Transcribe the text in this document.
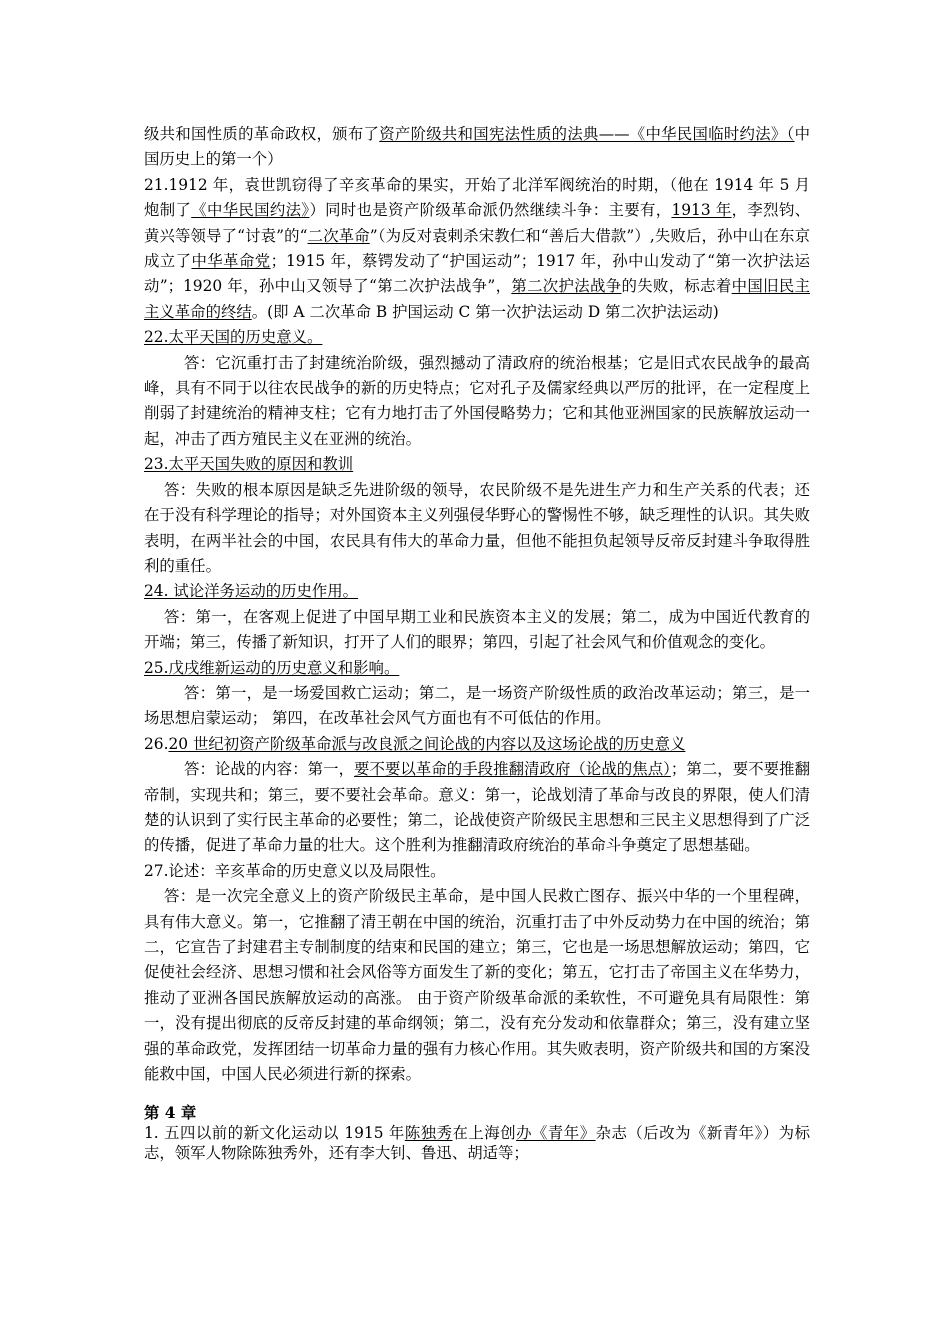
级共和国性质的革命政权，颁布了资产阶级共和国宪法性质的法典——《中华民国临时约法》（中国历史上的第一个）

21.1912 年，袁世凯窃得了辛亥革命的果实，开始了北洋军阀统治的时期，（他在 1914 年 5 月炮制了《中华民国约法》）同时也是资产阶级革命派仍然继续斗争：主要有，1913 年，李烈钧、黄兴等领导了“讨袁”的“二次革命”（为反对袁剌杀宋教仁和“善后大借款”）,失败后，孙中山在东京成立了中华革命党；1915 年，蔡锷发动了“护国运动”；1917 年，孙中山发动了“第一次护法运动”；1920 年，孙中山又领导了“第二次护法战争”，第二次护法战争的失败，标志着中国旧民主主义革命的终结。(即 A 二次革命 B 护国运动 C 第一次护法运动 D 第二次护法运动)

22.太平天国的历史意义。

答：它沉重打击了封建统治阶级，强烈撼动了清政府的统治根基；它是旧式农民战争的最高峰，具有不同于以往农民战争的新的历史特点；它对孔子及儒家经典以严厉的批评，在一定程度上削弱了封建统治的精神支柱；它有力地打击了外国侵略势力；它和其他亚洲国家的民族解放运动一起，冲击了西方殖民主义在亚洲的统治。

23.太平天国失败的原因和教训

答：失败的根本原因是缺乏先进阶级的领导，农民阶级不是先进生产力和生产关系的代表；还在于没有科学理论的指导；对外国资本主义列强侵华野心的警惕性不够，缺乏理性的认识。其失败表明，在两半社会的中国，农民具有伟大的革命力量，但他不能担负起领导反帝反封建斗争取得胜利的重任。

24. 试论洋务运动的历史作用。

答：第一，在客观上促进了中国早期工业和民族资本主义的发展；第二，成为中国近代教育的开端；第三，传播了新知识，打开了人们的眼界；第四，引起了社会风气和价值观念的变化。

25.戊戌维新运动的历史意义和影响。

答：第一，是一场爱国救亡运动；第二，是一场资产阶级性质的政治改革运动；第三，是一场思想启蒙运动； 第四，在改革社会风气方面也有不可低估的作用。

26.20 世纪初资产阶级革命派与改良派之间论战的内容以及这场论战的历史意义

答：论战的内容：第一，要不要以革命的手段推翻清政府（论战的焦点）；第二，要不要推翻帝制，实现共和；第三，要不要社会革命。意义：第一，论战划清了革命与改良的界限，使人们清楚的认识到了实行民主革命的必要性；第二，论战使资产阶级民主思想和三民主义思想得到了广泛的传播，促进了革命力量的壮大。这个胜利为推翻清政府统治的革命斗争奠定了思想基础。

27.论述：辛亥革命的历史意义以及局限性。

答：是一次完全意义上的资产阶级民主革命，是中国人民救亡图存、振兴中华的一个里程碑，具有伟大意义。第一，它推翻了清王朝在中国的统治，沉重打击了中外反动势力在中国的统治；第二，它宣告了封建君主专制制度的结束和民国的建立；第三，它也是一场思想解放运动；第四，它促使社会经济、思想习惯和社会风俗等方面发生了新的变化；第五，它打击了帝国主义在华势力，推动了亚洲各国民族解放运动的高涨。 由于资产阶级革命派的柔软性，不可避免具有局限性：第一，没有提出彻底的反帝反封建的革命纲领；第二，没有充分发动和依靠群众；第三，没有建立坚强的革命政党，发挥团结一切革命力量的强有力核心作用。其失败表明，资产阶级共和国的方案没能救中国，中国人民必须进行新的探索。

第 4 章

1. 五四以前的新文化运动以 1915 年陈独秀在上海创办《青年》杂志（后改为《新青年》）为标志，领军人物除陈独秀外，还有李大钊、鲁迅、胡适等；
